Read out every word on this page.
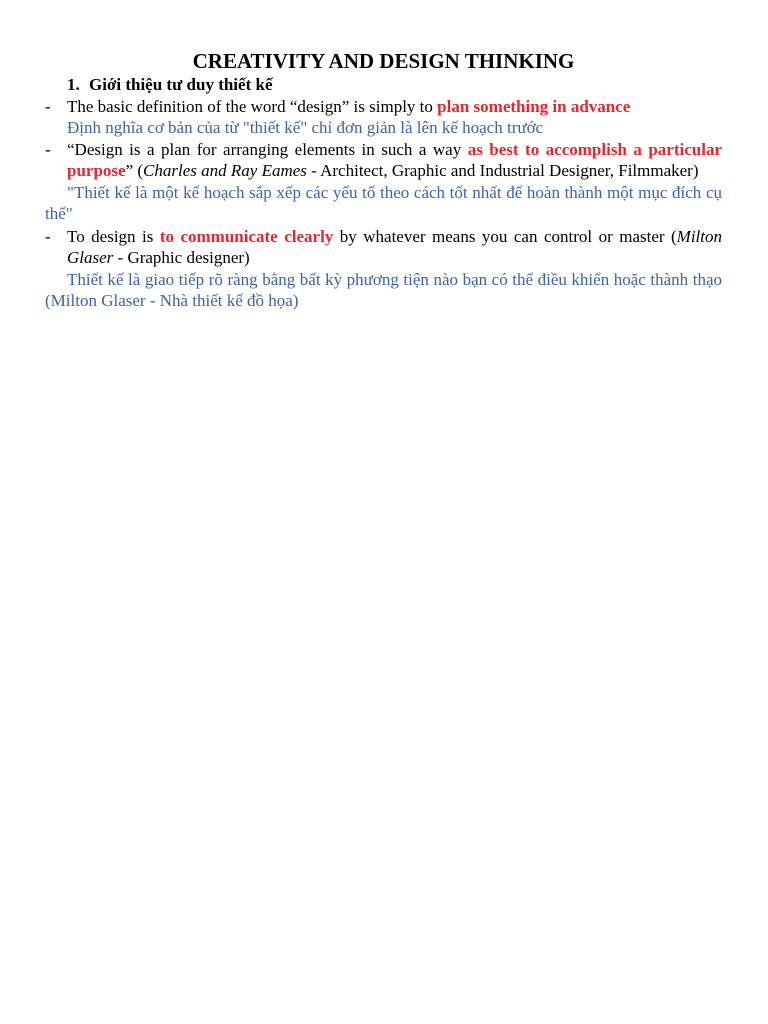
CREATIVITY AND DESIGN THINKING

1. Giới thiệu tư duy thiết kế

- The basic definition of the word “design” is simply to plan something in advance

Định nghĩa cơ bản của từ "thiết kế" chỉ đơn giản là lên kế hoạch trước

- “Design is a plan for arranging elements in such a way as best to accomplish a particular purpose” (Charles and Ray Eames - Architect, Graphic and Industrial Designer, Filmmaker)

"Thiết kế là một kế hoạch sắp xếp các yếu tố theo cách tốt nhất để hoàn thành một mục đích cụ thể"

- To design is to communicate clearly by whatever means you can control or master (Milton Glaser - Graphic designer)

Thiết kế là giao tiếp rõ ràng bằng bất kỳ phương tiện nào bạn có thể điều khiển hoặc thành thạo (Milton Glaser - Nhà thiết kế đồ họa)
